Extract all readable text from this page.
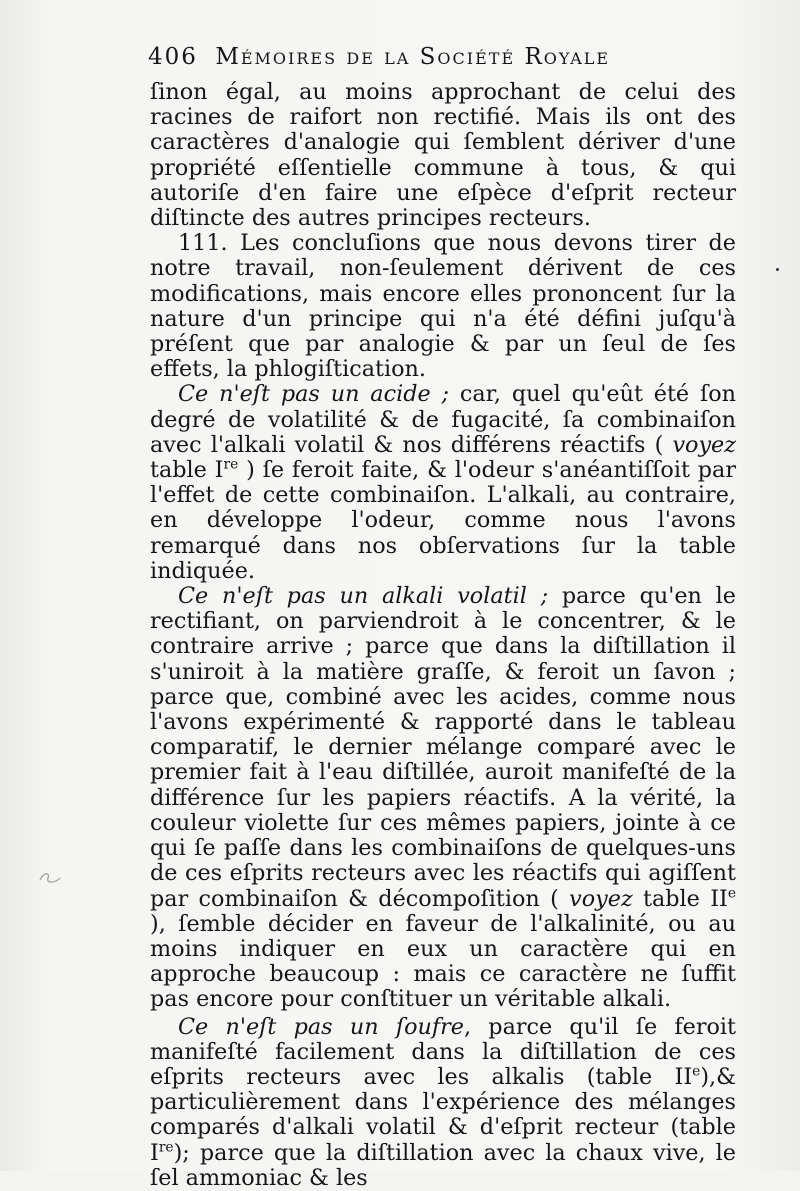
406 Mémoires de la Société Royale

ſinon égal, au moins approchant de celui des racines de raifort non rectifié. Mais ils ont des caractères d'analogie qui ſemblent dériver d'une propriété eſſentielle commune à tous, & qui autoriſe d'en faire une eſpèce d'eſprit recteur diſtincte des autres principes recteurs.

111. Les concluſions que nous devons tirer de notre travail, non-ſeulement dérivent de ces modifications, mais encore elles prononcent ſur la nature d'un principe qui n'a été défini juſqu'à préſent que par analogie & par un ſeul de ſes effets, la phlogiſtication.

Ce n'eſt pas un acide ; car, quel qu'eût été ſon degré de volatilité & de fugacité, ſa combinaiſon avec l'alkali volatil & nos différens réactifs ( voyez table Ire ) ſe feroit faite, & l'odeur s'anéantiſſoit par l'effet de cette combinaiſon. L'alkali, au contraire, en développe l'odeur, comme nous l'avons remarqué dans nos obſervations ſur la table indiquée.

Ce n'eſt pas un alkali volatil ; parce qu'en le rectifiant, on parviendroit à le concentrer, & le contraire arrive ; parce que dans la diſtillation il s'uniroit à la matière graſſe, & feroit un ſavon ; parce que, combiné avec les acides, comme nous l'avons expérimenté & rapporté dans le tableau comparatif, le dernier mélange comparé avec le premier fait à l'eau diſtillée, auroit manifeſté de la différence ſur les papiers réactifs. A la vérité, la couleur violette ſur ces mêmes papiers, jointe à ce qui ſe paſſe dans les combinaiſons de quelques-uns de ces eſprits recteurs avec les réactifs qui agiſſent par combinaiſon & décompoſition ( voyez table IIe ), ſemble décider en faveur de l'alkalinité, ou au moins indiquer en eux un caractère qui en approche beaucoup : mais ce caractère ne ſuffit pas encore pour conſtituer un véritable alkali.

Ce n'eſt pas un ſoufre, parce qu'il ſe feroit manifeſté facilement dans la diſtillation de ces eſprits recteurs avec les alkalis (table IIe),& particulièrement dans l'expérience des mélanges comparés d'alkali volatil & d'eſprit recteur (table Ire); parce que la diſtillation avec la chaux vive, le ſel ammoniac & les
